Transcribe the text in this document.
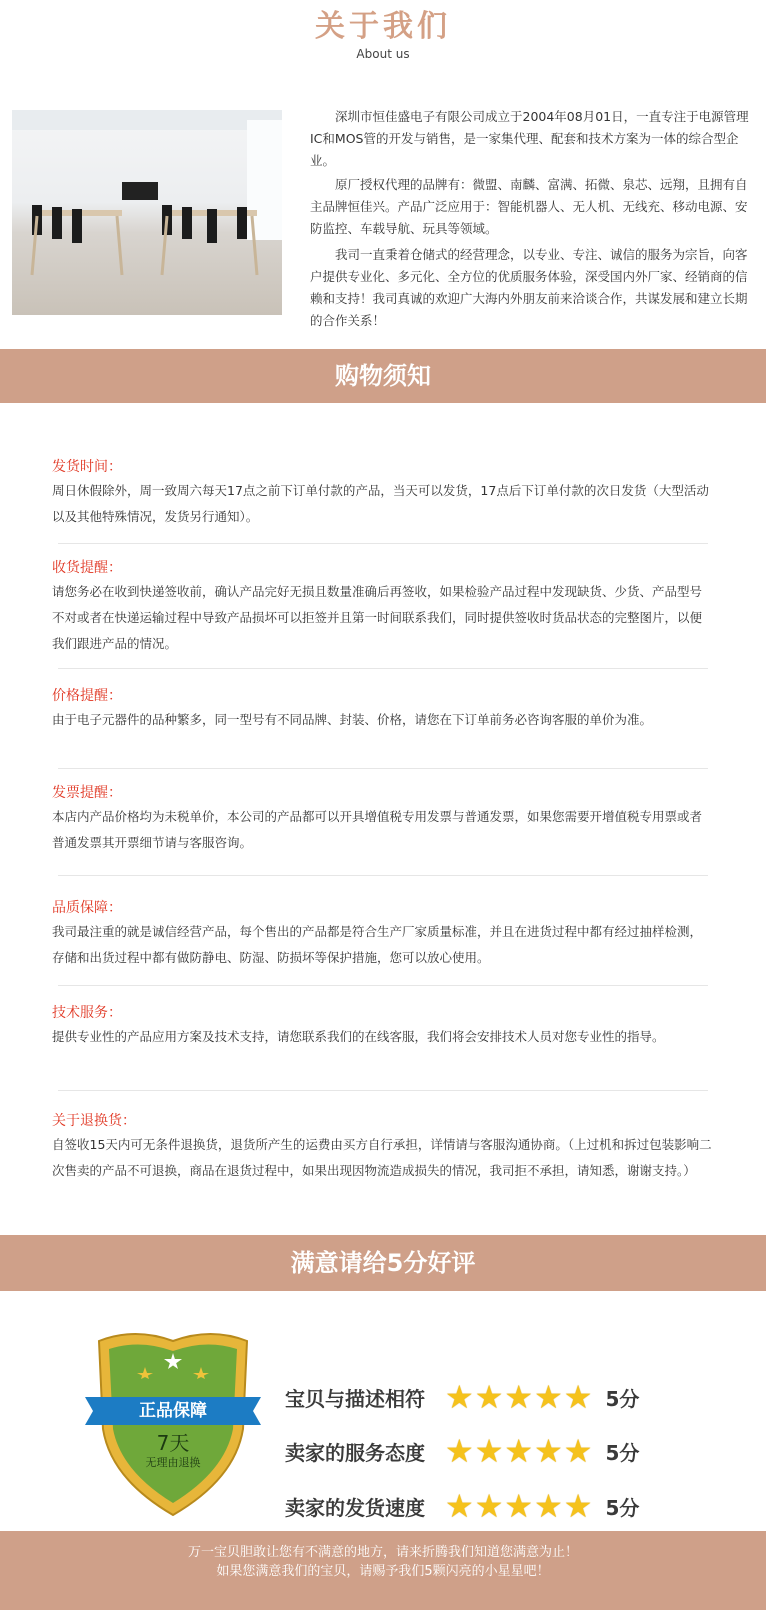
关于我们
About us

深圳市恒佳盛电子有限公司成立于2004年08月01日，一直专注于电源管理IC和MOS管的开发与销售，是一家集代理、配套和技术方案为一体的综合型企业。

原厂授权代理的品牌有：微盟、南麟、富满、拓微、泉芯、远翔，且拥有自主品牌恒佳兴。产品广泛应用于：智能机器人、无人机、无线充、移动电源、安防监控、车载导航、玩具等领域。

我司一直秉着仓储式的经营理念，以专业、专注、诚信的服务为宗旨，向客户提供专业化、多元化、全方位的优质服务体验，深受国内外厂家、经销商的信赖和支持！我司真诚的欢迎广大海内外朋友前来洽谈合作，共谋发展和建立长期的合作关系！

购物须知
发货时间：

周日休假除外，周一致周六每天17点之前下订单付款的产品，当天可以发货，17点后下订单付款的次日发货（大型活动以及其他特殊情况，发货另行通知）。

收货提醒：

请您务必在收到快递签收前，确认产品完好无损且数量准确后再签收，如果检验产品过程中发现缺货、少货、产品型号不对或者在快递运输过程中导致产品损坏可以拒签并且第一时间联系我们，同时提供签收时货品状态的完整图片，以便我们跟进产品的情况。

价格提醒：

由于电子元器件的品种繁多，同一型号有不同品牌、封装、价格，请您在下订单前务必咨询客服的单价为准。

发票提醒：

本店内产品价格均为未税单价，本公司的产品都可以开具增值税专用发票与普通发票，如果您需要开增值税专用票或者普通发票其开票细节请与客服咨询。

品质保障：

我司最注重的就是诚信经营产品，每个售出的产品都是符合生产厂家质量标准，并且在进货过程中都有经过抽样检测，存储和出货过程中都有做防静电、防湿、防损坏等保护措施，您可以放心使用。

技术服务：

提供专业性的产品应用方案及技术支持，请您联系我们的在线客服，我们将会安排技术人员对您专业性的指导。

关于退换货：

自签收15天内可无条件退换货，退货所产生的运费由买方自行承担，详情请与客服沟通协商。（上过机和拆过包装影响二次售卖的产品不可退换，商品在退货过程中，如果出现因物流造成损失的情况，我司拒不承担，请知悉，谢谢支持。）

满意请给5分好评
正品保障
7天
无理由退换
宝贝与描述相符 ★ ★ ★ ★ ★ 5分
卖家的服务态度 ★ ★ ★ ★ ★ 5分
卖家的发货速度 ★ ★ ★ ★ ★ 5分
万一宝贝胆敢让您有不满意的地方，请来折腾我们知道您满意为止！
如果您满意我们的宝贝，请赐予我们5颗闪亮的小星星吧！
